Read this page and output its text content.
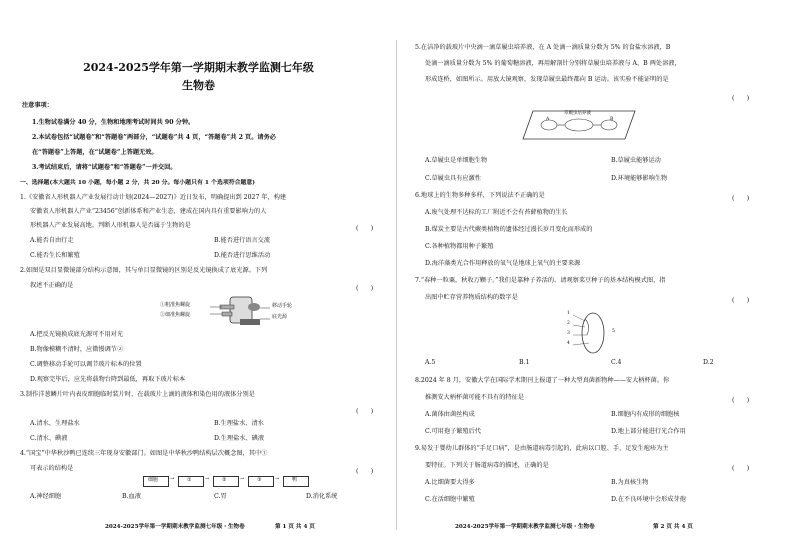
2024-2025学年第一学期期末教学监测七年级
生物卷
注意事项：
1.生物试卷满分 40 分，生物和地理考试时间共 90 分钟。
2.本试卷包括“试题卷”和“答题卷”两部分，“试题卷”共 4 页，“答题卷”共 2 页。请务必
在“答题卷”上答题，在“试题卷”上答题无效。
3.考试结束后，请将“试题卷”和“答题卷”一并交回。
一、选择题(本大题共 10 小题，每小题 2 分，共 20 分。每小题只有 1 个选项符合题意)
1.《安徽省人形机器人产业发展行动计划(2024—2027)》近日发布，明确提出到 2027 年，构建
安徽省人形机器人产业“23456”创新体系和产业生态，建成在国内具有重要影响力的人
形机器人产业发展高地。判断人形机器人是否属于生物的是	(　　)
A.能否自由行走	B.能否进行语言交流
C.能否生长和繁殖	D.能否进行思维活动
2.如图是双目显微镜部分结构示意图，其与单目显微镜的区别是反光镜换成了底光源。下列
叙述不正确的是	(　　)
①粗准焦螺旋
②细准焦螺旋
移动手轮
底光源
A.把反光镜换成底光源可不用对光
B.物像模糊不清时，应微慢调节②
C.调整移动手轮可以调节玻片标本的位置
D.观察完毕后，应先将载物台降到最低，再取下玻片标本
3.制作洋葱鳞片叶内表皮细胞临时装片时，在载玻片上滴的液体和染色用的液体分别是
(　　)
A.清水、生理盐水	B.生理盐水、清水
C.清水、碘液	D.生理盐水、碘液
4.“国宝”中华秋沙鸭已连续三年现身安徽部门。如图是中华秋沙鸭结构层次概念图，其中①
可表示的结构是	(　　)
细胞 →	①	→	②	→	③	→	鸭
A.神经细胞	B.血液	C.胃	D.消化系统
2024-2025学年第一学期期末教学监测七年级・生物卷	第 1 页 共 4 页
5.在洁净的载玻片中央滴一滴草履虫培养液，在 A 处滴一滴质量分数为 5% 的食盐水溶液，B
处滴一滴质量分数为 5% 的葡萄糖溶液，再用解剖针分别将草履虫培养液与 A、B 两处溶液，
形成连桥，如图所示。用放大镜观察，发现草履虫最终都向 B 运动。该实验不能证明的是
(　　)
A
草履虫培养液
B
A.草履虫是单细胞生物	B.草履虫能够运动
C.草履虫具有应激性	D.环境能够影响生物
6.地球上的生物多种多样，下列说法不正确的是	(　　)
A.废气处理不达标的工厂附近不会有苔藓植物的生长
B.煤炭主要是古代蕨类植物的遗体经过漫长岁月变化而形成的
C.各种植物都用种子繁殖
D.海洋藻类光合作用释放的氧气是地球上氧气的主要来源
7.“春种一粒粟，秋收万颗子。”我们是靠种子养活的。请观察菜豆种子的基本结构模式图，指
出图中贮存营养物质结构的数字是	(　　)
1
2
3
4
5
A.5	B.1	C.4	D.2
8.2024 年 8 月，安徽大学在国际学术期刊上报道了一种大型真菌新物种——安大柄杯菌。你
推测安大柄杯菌可能不具有的特征是	(　　)
A.菌体由菌丝构成	B.细胞内有成形的细胞核
C.可用孢子繁殖后代	D.地上部分能进行光合作用
9.易发于婴幼儿群体的“手足口病”，是由肠道病毒引起的，此病以口腔、手、足发生疱疹为主
要特征。下列关于肠道病毒的描述，正确的是	(　　)
A.比细菌要大得多	B.为真核生物
C.在活细胞中繁殖	D.在不良环境中会形成芽孢
2024-2025学年第一学期期末教学监测七年级・生物卷	第 2 页 共 4 页
